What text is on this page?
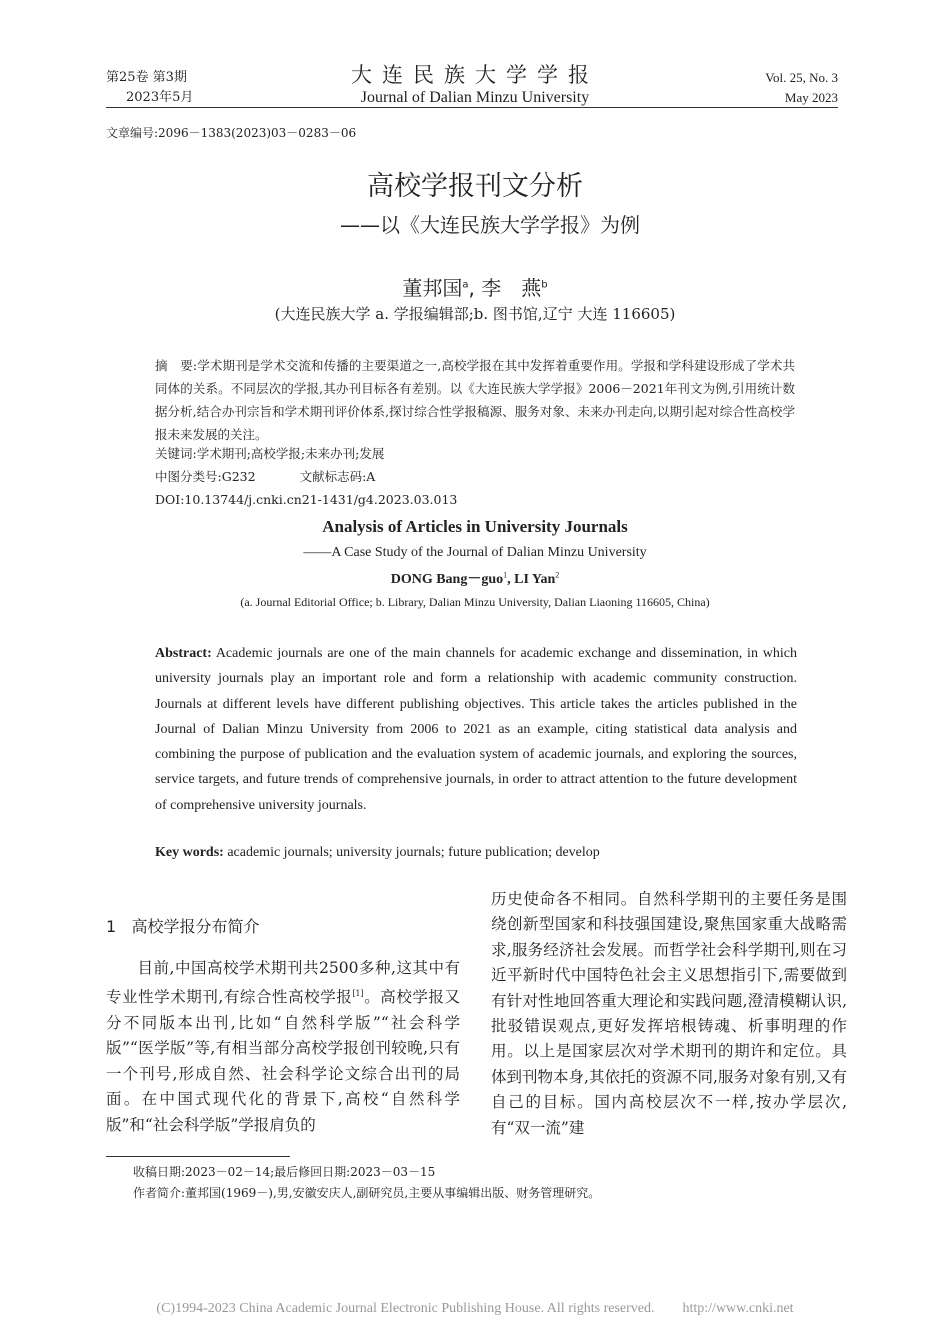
第25卷 第3期
2023年5月
大连民族大学学报
Journal of Dalian Minzu University
Vol. 25, No. 3
May 2023
文章编号:2096－1383(2023)03－0283－06
高校学报刊文分析
——以《大连民族大学学报》为例
董邦国$^a$, 李　燕$^b$
(大连民族大学 a. 学报编辑部;b. 图书馆,辽宁 大连 116605)
摘　要:学术期刊是学术交流和传播的主要渠道之一,高校学报在其中发挥着重要作用。学报和学科建设形成了学术共同体的关系。不同层次的学报,其办刊目标各有差别。以《大连民族大学学报》2006－2021年刊文为例,引用统计数据分析,结合办刊宗旨和学术期刊评价体系,探讨综合性学报稿源、服务对象、未来办刊走向,以期引起对综合性高校学报未来发展的关注。
关键词:学术期刊;高校学报;未来办刊;发展
中图分类号:G232	文献标志码:A
DOI:10.13744/j.cnki.cn21-1431/g4.2023.03.013
Analysis of Articles in University Journals
——A Case Study of the Journal of Dalian Minzu University
DONG Bang－guo$^1$, LI Yan$^2$
(a. Journal Editorial Office; b. Library, Dalian Minzu University, Dalian Liaoning 116605, China)
Abstract: Academic journals are one of the main channels for academic exchange and dissemination, in which university journals play an important role and form a relationship with academic community construction. Journals at different levels have different publishing objectives. This article takes the articles published in the Journal of Dalian Minzu University from 2006 to 2021 as an example, citing statistical data analysis and combining the purpose of publication and the evaluation system of academic journals, and exploring the sources, service targets, and future trends of comprehensive journals, in order to attract attention to the future development of comprehensive university journals.
Key words: academic journals; university journals; future publication; develop
1 高校学报分布简介
目前,中国高校学术期刊共2500多种,这其中有专业性学术期刊,有综合性高校学报[1]。高校学报又分不同版本出刊,比如“自然科学版”“社会科学版”“医学版”等,有相当部分高校学报创刊较晚,只有一个刊号,形成自然、社会科学论文综合出刊的局面。在中国式现代化的背景下,高校“自然科学版”和“社会科学版”学报肩负的
历史使命各不相同。自然科学期刊的主要任务是围绕创新型国家和科技强国建设,聚焦国家重大战略需求,服务经济社会发展。而哲学社会科学期刊,则在习近平新时代中国特色社会主义思想指引下,需要做到有针对性地回答重大理论和实践问题,澄清模糊认识,批驳错误观点,更好发挥培根铸魂、析事明理的作用。以上是国家层次对学术期刊的期许和定位。具体到刊物本身,其依托的资源不同,服务对象有别,又有自己的目标。国内高校层次不一样,按办学层次,有“双一流”建
收稿日期:2023－02－14;最后修回日期:2023－03－15
作者简介:董邦国(1969－),男,安徽安庆人,副研究员,主要从事编辑出版、财务管理研究。
(C)1994-2023 China Academic Journal Electronic Publishing House. All rights reserved.　　http://www.cnki.net
